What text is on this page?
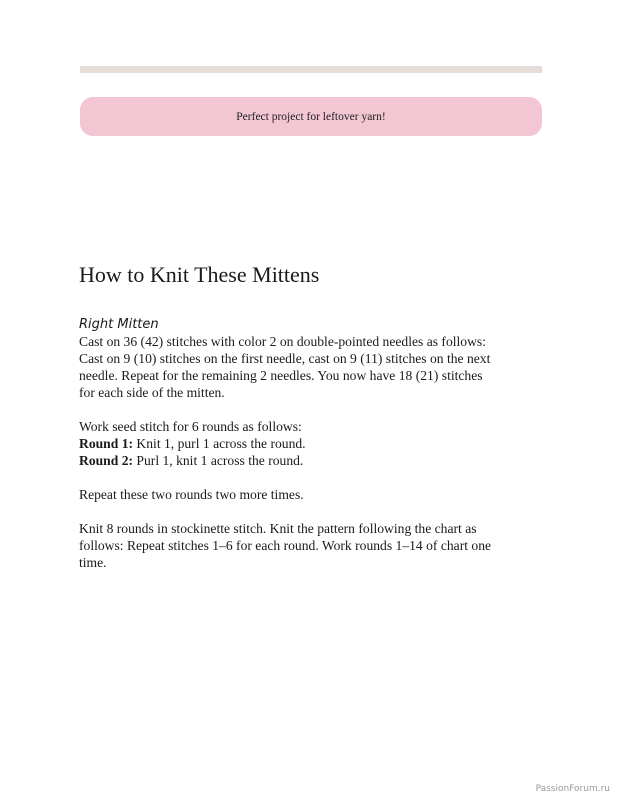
Perfect project for leftover yarn!
How to Knit These Mittens
Right Mitten

Cast on 36 (42) stitches with color 2 on double-pointed needles as follows:
Cast on 9 (10) stitches on the first needle, cast on 9 (11) stitches on the next
needle. Repeat for the remaining 2 needles. You now have 18 (21) stitches
for each side of the mitten.

Work seed stitch for 6 rounds as follows:
Round 1: Knit 1, purl 1 across the round.
Round 2: Purl 1, knit 1 across the round.

Repeat these two rounds two more times.

Knit 8 rounds in stockinette stitch. Knit the pattern following the chart as
follows: Repeat stitches 1–6 for each round. Work rounds 1–14 of chart one
time.

PassionForum.ru
